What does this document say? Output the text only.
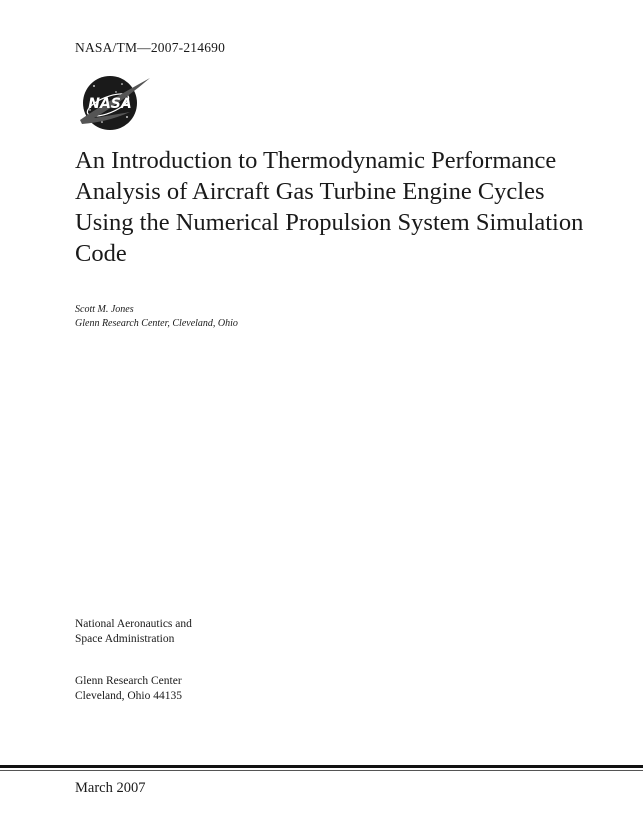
NASA/TM—2007-214690
NASA
An Introduction to Thermodynamic Performance
Analysis of Aircraft Gas Turbine Engine Cycles
Using the Numerical Propulsion System Simulation
Code
Scott M. Jones
Glenn Research Center, Cleveland, Ohio
National Aeronautics and
Space Administration
Glenn Research Center
Cleveland, Ohio 44135
March 2007
